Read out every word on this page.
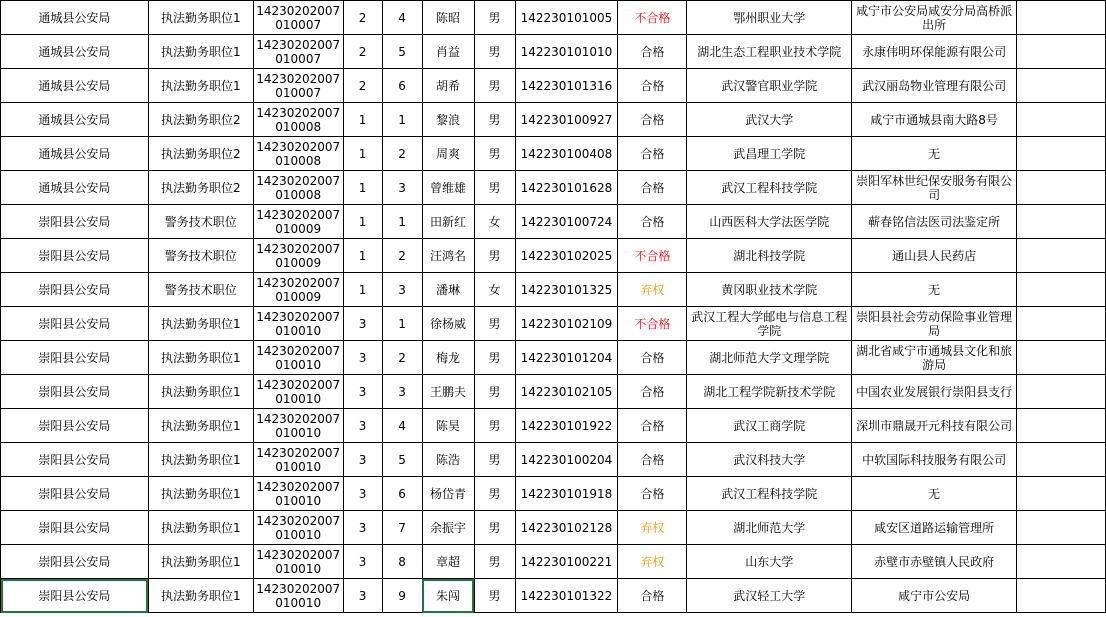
通城县公安局	执法勤务职位1	14230202007010007	2	4	陈昭	男	142230101005	不合格	鄂州职业大学	咸宁市公安局咸安分局高桥派出所	
通城县公安局	执法勤务职位1	14230202007010007	2	5	肖益	男	142230101010	合格	湖北生态工程职业技术学院	永康伟明环保能源有限公司	
通城县公安局	执法勤务职位1	14230202007010007	2	6	胡希	男	142230101316	合格	武汉警官职业学院	武汉丽岛物业管理有限公司	
通城县公安局	执法勤务职位2	14230202007010008	1	1	黎浪	男	142230100927	合格	武汉大学	咸宁市通城县南大路8号	
通城县公安局	执法勤务职位2	14230202007010008	1	2	周爽	男	142230100408	合格	武昌理工学院	无	
通城县公安局	执法勤务职位2	14230202007010008	1	3	曾维雄	男	142230101628	合格	武汉工程科技学院	崇阳军林世纪保安服务有限公司	
崇阳县公安局	警务技术职位	14230202007010009	1	1	田新红	女	142230100724	合格	山西医科大学法医学院	蕲春铭信法医司法鉴定所	
崇阳县公安局	警务技术职位	14230202007010009	1	2	汪鸿名	男	142230102025	不合格	湖北科技学院	通山县人民药店	
崇阳县公安局	警务技术职位	14230202007010009	1	3	潘琳	女	142230101325	弃权	黄冈职业技术学院	无	
崇阳县公安局	执法勤务职位1	14230202007010010	3	1	徐杨威	男	142230102109	不合格	武汉工程大学邮电与信息工程学院	崇阳县社会劳动保险事业管理局	
崇阳县公安局	执法勤务职位1	14230202007010010	3	2	梅龙	男	142230101204	合格	湖北师范大学文理学院	湖北省咸宁市通城县文化和旅游局	
崇阳县公安局	执法勤务职位1	14230202007010010	3	3	王鹏夫	男	142230102105	合格	湖北工程学院新技术学院	中国农业发展银行崇阳县支行	
崇阳县公安局	执法勤务职位1	14230202007010010	3	4	陈昊	男	142230101922	合格	武汉工商学院	深圳市鼎晟开元科技有限公司	
崇阳县公安局	执法勤务职位1	14230202007010010	3	5	陈浩	男	142230100204	合格	武汉科技大学	中软国际科技服务有限公司	
崇阳县公安局	执法勤务职位1	14230202007010010	3	6	杨岱青	男	142230101918	合格	武汉工程科技学院	无	
崇阳县公安局	执法勤务职位1	14230202007010010	3	7	余振宇	男	142230102128	弃权	湖北师范大学	咸安区道路运输管理所	
崇阳县公安局	执法勤务职位1	14230202007010010	3	8	章超	男	142230100221	弃权	山东大学	赤壁市赤壁镇人民政府	
崇阳县公安局	执法勤务职位1	14230202007010010	3	9	朱闯	男	142230101322	合格	武汉轻工大学	咸宁市公安局	
